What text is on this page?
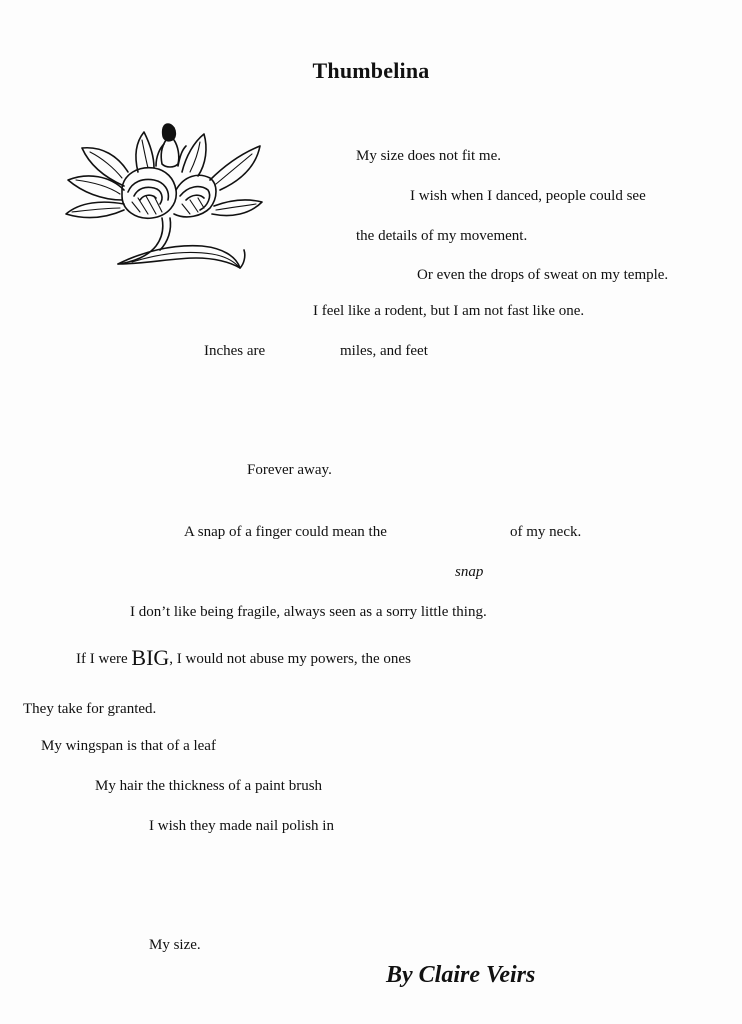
Thumbelina
My size does not fit me.
I wish when I danced, people could see
the details of my movement.
Or even the drops of sweat on my temple.
I feel like a rodent, but I am not fast like one.
Inches are	miles, and feet
Forever away.
A snap of a finger could mean the	of my neck.
snap
I don’t like being fragile, always seen as a sorry little thing.
If I were BIG, I would not abuse my powers, the ones
They take for granted.
My wingspan is that of a leaf
My hair the thickness of a paint brush
I wish they made nail polish in
My size.
By Claire Veirs
